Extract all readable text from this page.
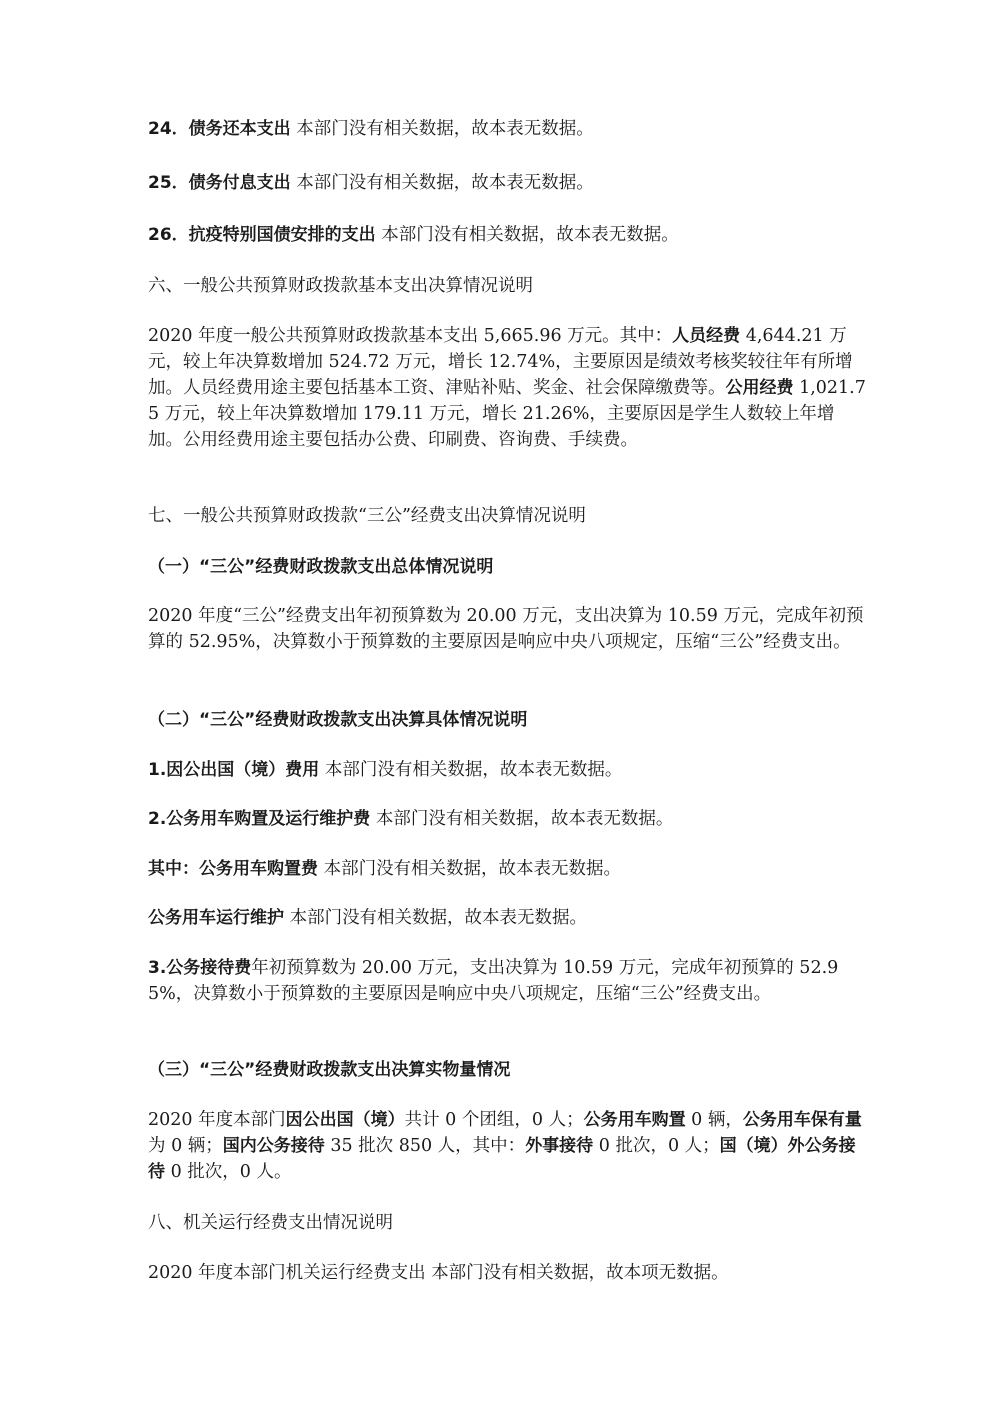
24．债务还本支出 本部门没有相关数据，故本表无数据。

25．债务付息支出 本部门没有相关数据，故本表无数据。

26．抗疫特别国债安排的支出 本部门没有相关数据，故本表无数据。

六、一般公共预算财政拨款基本支出决算情况说明

2020 年度一般公共预算财政拨款基本支出 5,665.96 万元。其中：人员经费 4,644.21 万元，较上年决算数增加 524.72 万元，增长 12.74%，主要原因是绩效考核奖较往年有所增加。人员经费用途主要包括基本工资、津贴补贴、奖金、社会保障缴费等。公用经费 1,021.75 万元，较上年决算数增加 179.11 万元，增长 21.26%，主要原因是学生人数较上年增加。公用经费用途主要包括办公费、印刷费、咨询费、手续费。

七、一般公共预算财政拨款“三公”经费支出决算情况说明

（一）“三公”经费财政拨款支出总体情况说明

2020 年度“三公”经费支出年初预算数为 20.00 万元，支出决算为 10.59 万元，完成年初预算的 52.95%，决算数小于预算数的主要原因是响应中央八项规定，压缩“三公”经费支出。

（二）“三公”经费财政拨款支出决算具体情况说明

1.因公出国（境）费用 本部门没有相关数据，故本表无数据。

2.公务用车购置及运行维护费 本部门没有相关数据，故本表无数据。

其中：公务用车购置费 本部门没有相关数据，故本表无数据。

公务用车运行维护 本部门没有相关数据，故本表无数据。

3.公务接待费年初预算数为 20.00 万元，支出决算为 10.59 万元，完成年初预算的 52.95%，决算数小于预算数的主要原因是响应中央八项规定，压缩“三公”经费支出。

（三）“三公”经费财政拨款支出决算实物量情况

2020 年度本部门因公出国（境）共计 0 个团组，0 人；公务用车购置 0 辆，公务用车保有量为 0 辆；国内公务接待 35 批次 850 人，其中：外事接待 0 批次，0 人；国（境）外公务接待 0 批次，0 人。

八、机关运行经费支出情况说明

2020 年度本部门机关运行经费支出 本部门没有相关数据，故本项无数据。
